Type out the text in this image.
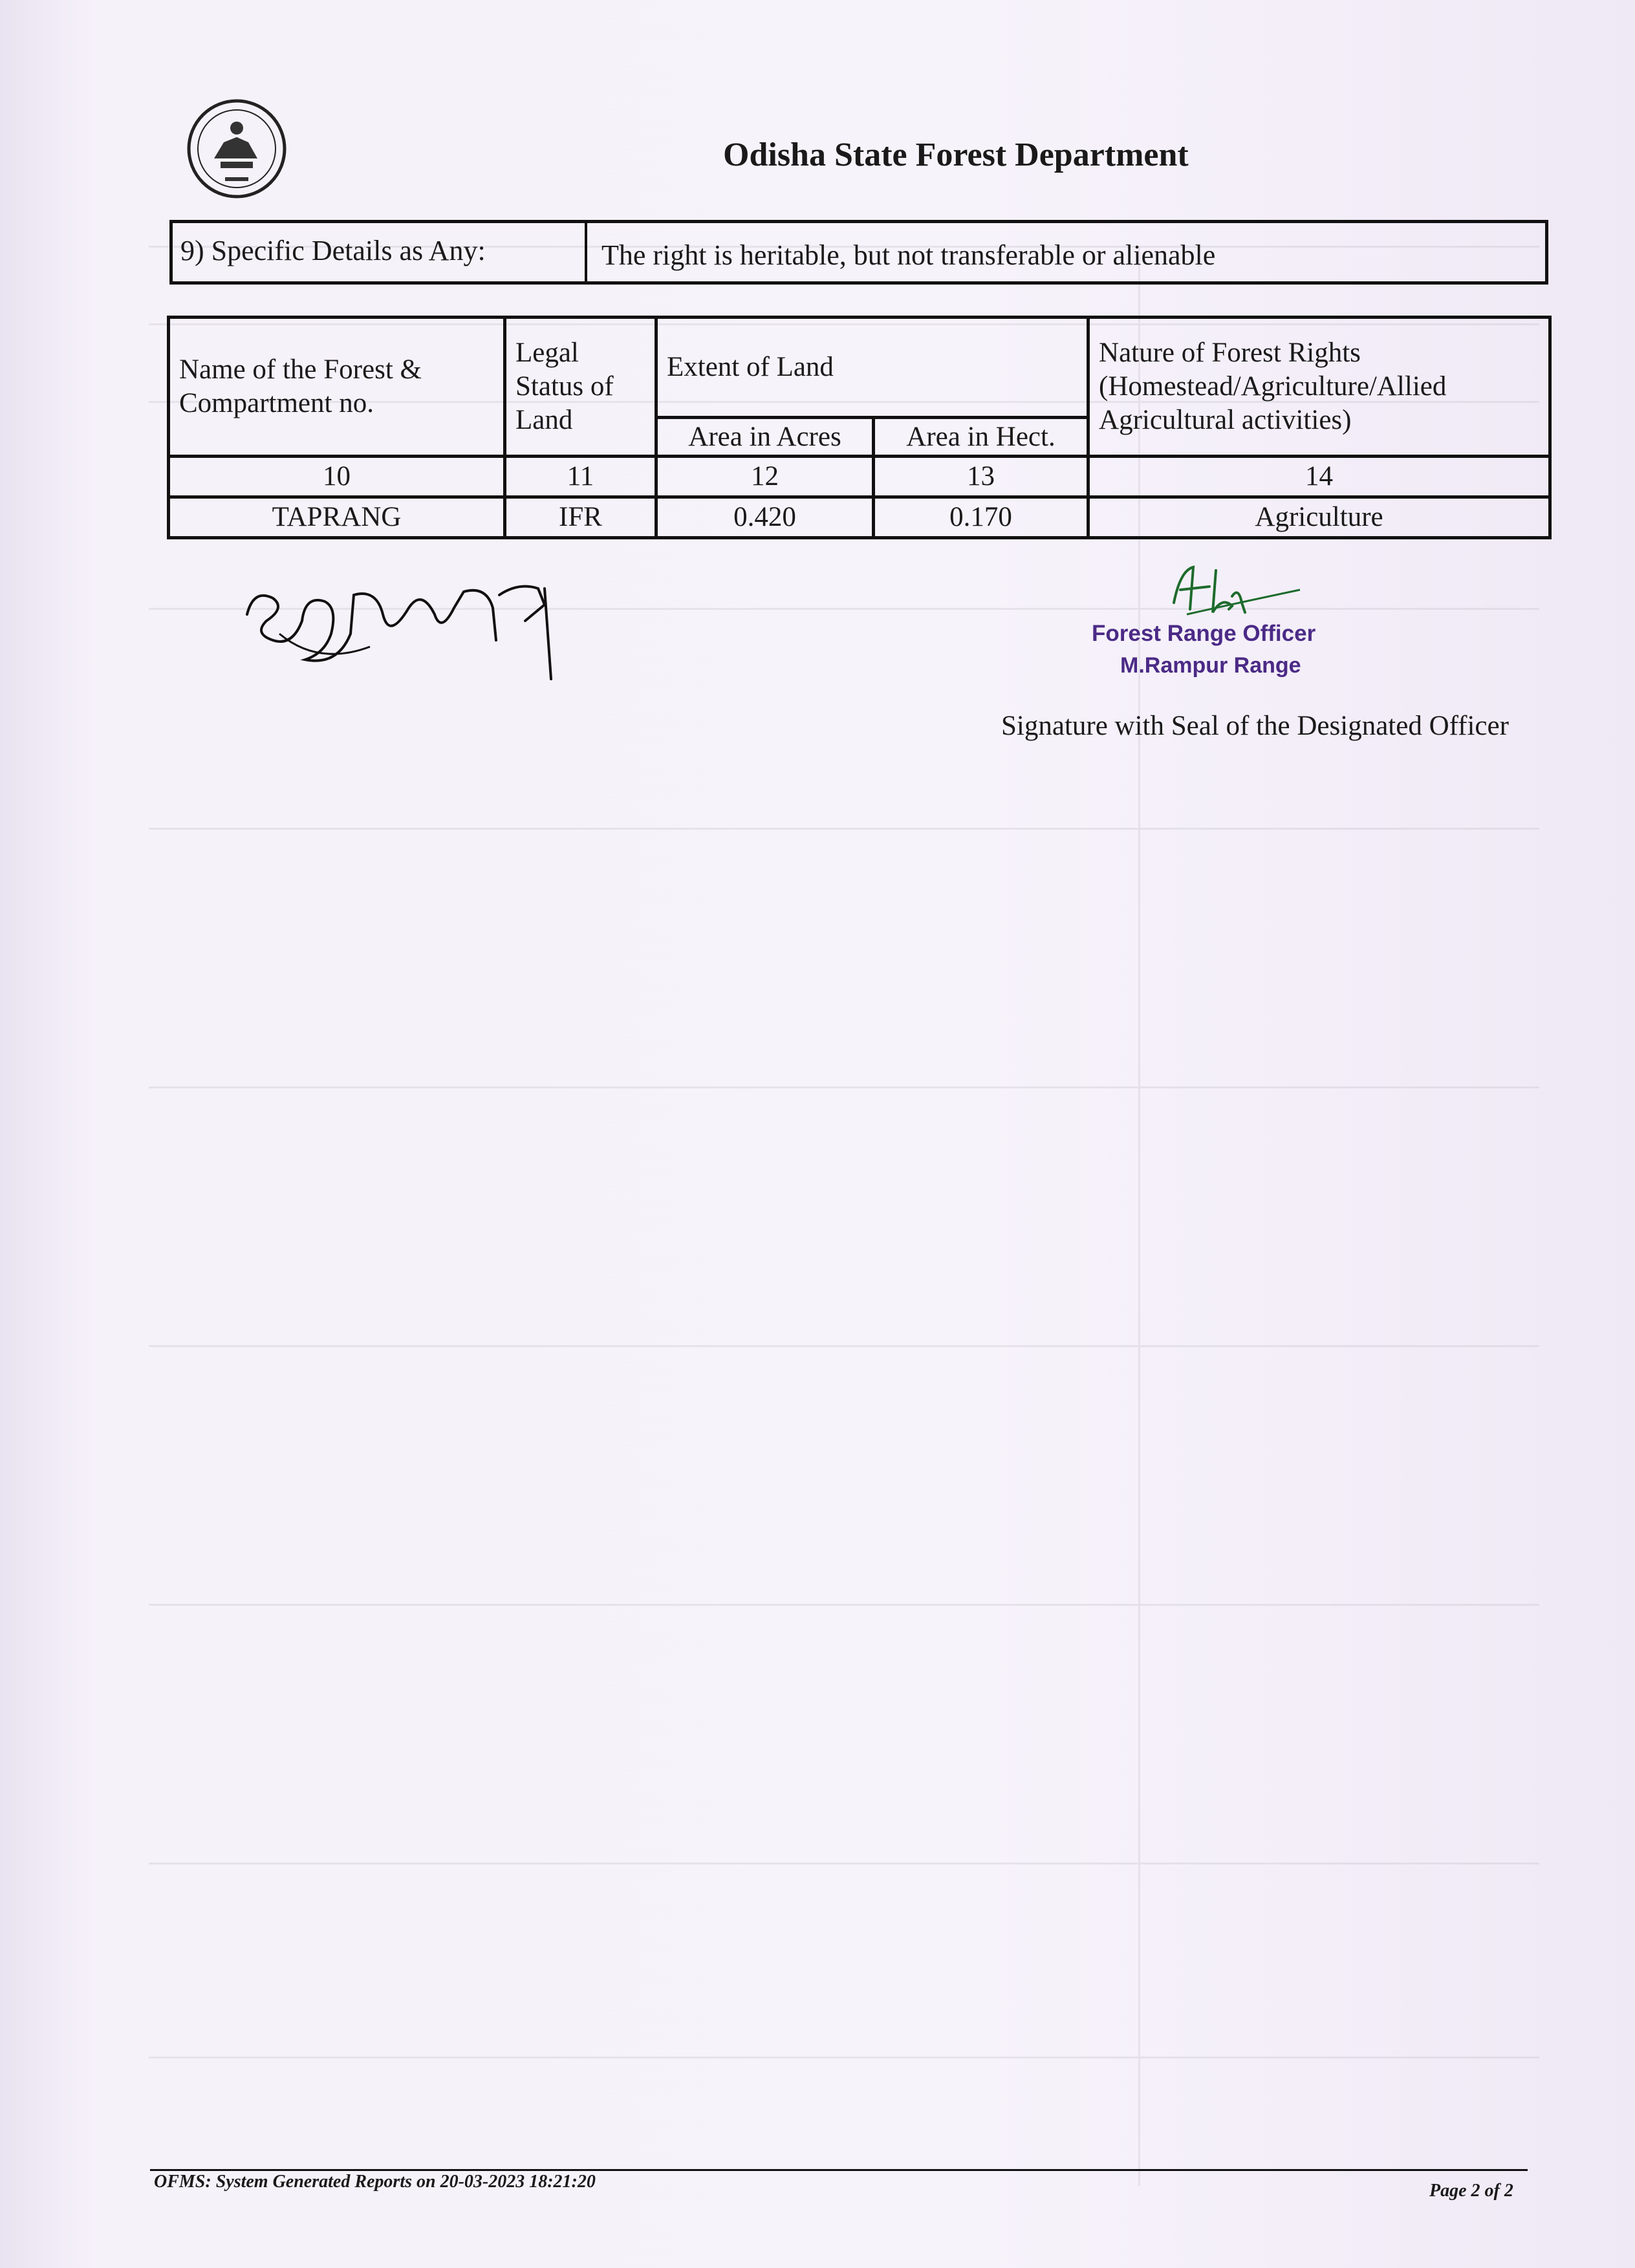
Odisha State Forest Department
9) Specific Details as Any:	The right is heritable, but not transferable or alienable
Name of the Forest & Compartment no.	Legal Status of Land	Extent of Land		Nature of Forest Rights (Homestead/Agriculture/Allied Agricultural activities)
		Area in Acres	Area in Hect.	
10	11	12	13	14
TAPRANG	IFR	0.420	0.170	Agriculture
Forest Range Officer
M.Rampur Range
Signature with Seal of the Designated Officer
OFMS: System Generated Reports on 20-03-2023 18:21:20	Page 2 of 2
